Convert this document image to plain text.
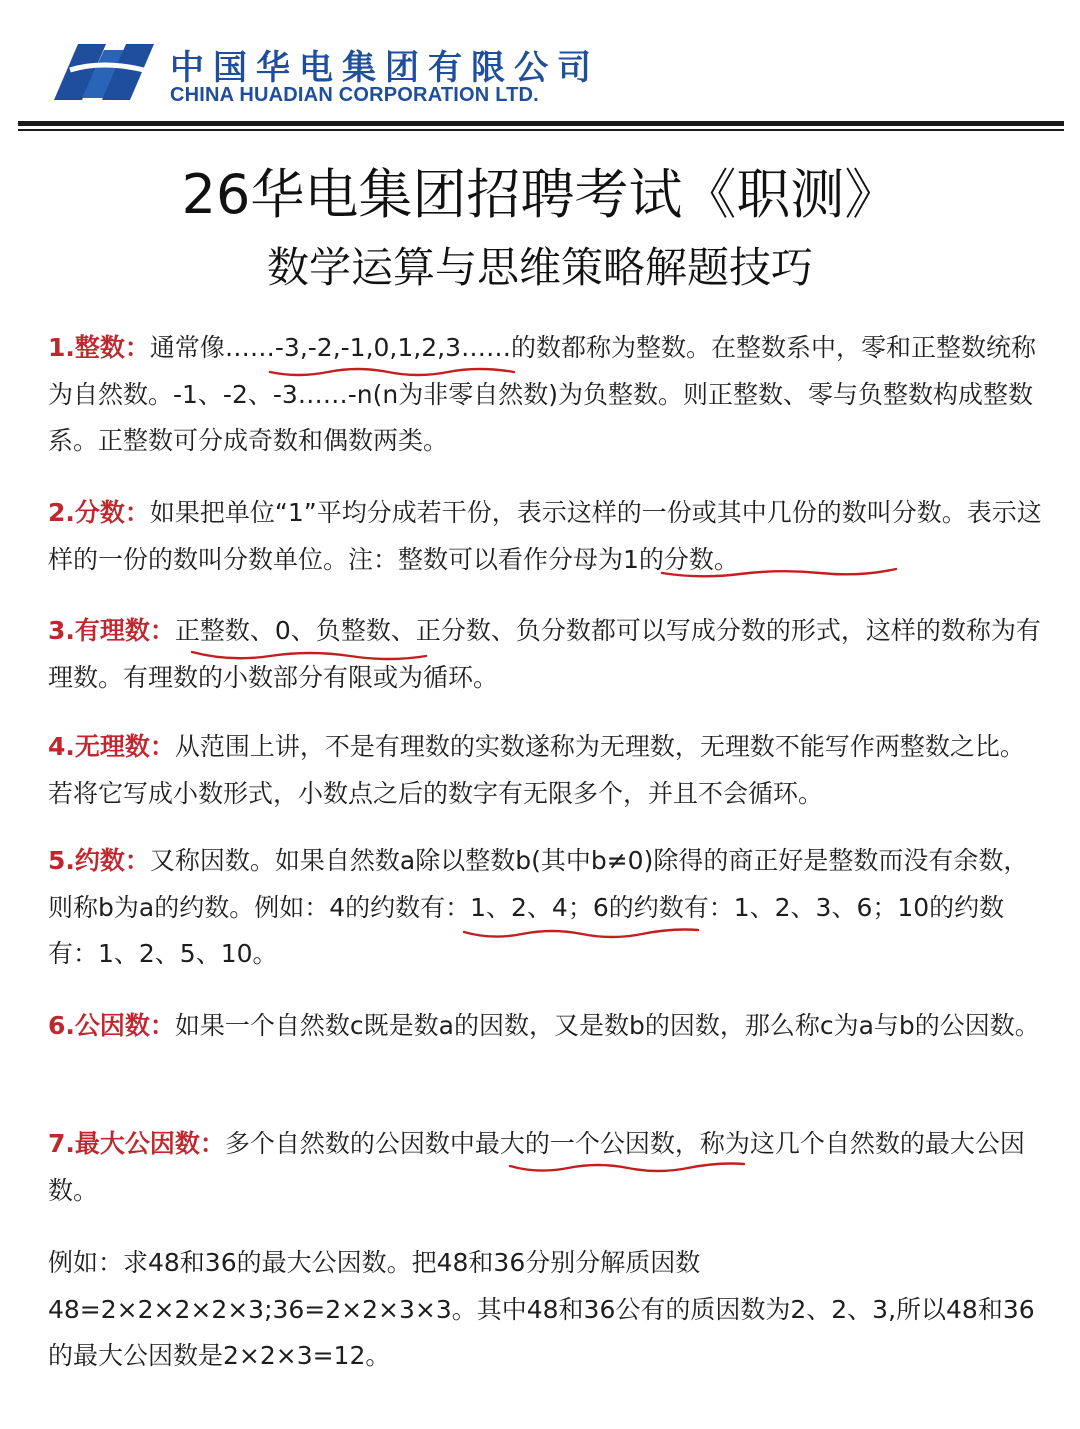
中国华电集团有限公司
CHINA HUADIAN CORPORATION LTD.
26华电集团招聘考试《职测》
数学运算与思维策略解题技巧
1.整数：通常像……-3,-2,-1,0,1,2,3……的数都称为整数。在整数系中，零和正整数统称为自然数。-1、-2、-3……-n(n为非零自然数)为负整数。则正整数、零与负整数构成整数系。正整数可分成奇数和偶数两类。
2.分数：如果把单位“1”平均分成若干份，表示这样的一份或其中几份的数叫分数。表示这样的一份的数叫分数单位。注：整数可以看作分母为1的分数。
3.有理数：正整数、0、负整数、正分数、负分数都可以写成分数的形式，这样的数称为有理数。有理数的小数部分有限或为循环。
4.无理数：从范围上讲，不是有理数的实数遂称为无理数，无理数不能写作两整数之比。若将它写成小数形式，小数点之后的数字有无限多个，并且不会循环。
5.约数：又称因数。如果自然数a除以整数b(其中b≠0)除得的商正好是整数而没有余数，则称b为a的约数。例如：4的约数有：1、2、4；6的约数有：1、2、3、6；10的约数有：1、2、5、10。
6.公因数：如果一个自然数c既是数a的因数，又是数b的因数，那么称c为a与b的公因数。
7.最大公因数：多个自然数的公因数中最大的一个公因数，称为这几个自然数的最大公因数。
例如：求48和36的最大公因数。把48和36分别分解质因数48=2×2×2×2×3;36=2×2×3×3。其中48和36公有的质因数为2、2、3,所以48和36的最大公因数是2×2×3=12。
